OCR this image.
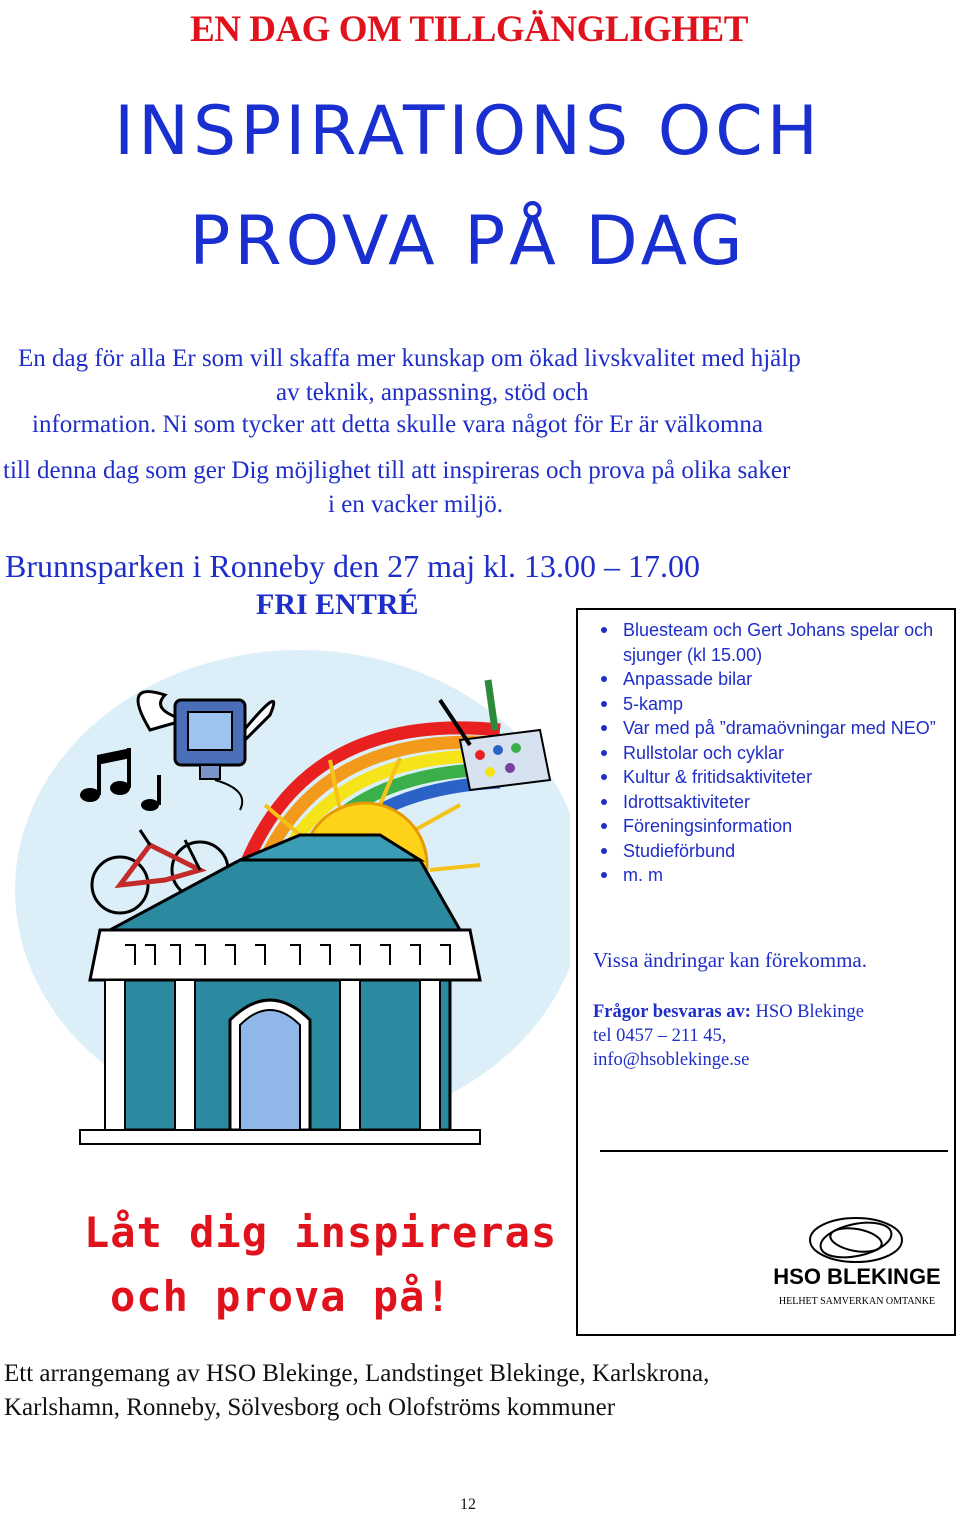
EN DAG OM TILLGÄNGLIGHET
INSPIRATIONS OCH
PROVA PÅ DAG
En dag för alla Er som vill skaffa mer kunskap om ökad livskvalitet med hjälp
av teknik, anpassning, stöd och
information. Ni som tycker att detta skulle vara något för Er är välkomna
till denna dag som ger Dig möjlighet till att inspireras och prova på olika saker
i en vacker miljö.
Brunnsparken i Ronneby den 27 maj kl. 13.00 – 17.00
FRI ENTRÉ
Bluesteam och Gert Johans spelar och sjunger (kl 15.00)
Anpassade bilar
5-kamp
Var med på ”dramaövningar med NEO”
Rullstolar och cyklar
Kultur & fritidsaktiviteter
Idrottsaktiviteter
Föreningsinformation
Studieförbund
m. m
Vissa ändringar kan förekomma.
Frågor besvaras av: HSO Blekinge
tel 0457 – 211 45,
info@hsoblekinge.se
HSO BLEKINGE
HELHET SAMVERKAN OMTANKE
Låt dig inspireras
och prova på!
Ett arrangemang av HSO Blekinge, Landstinget Blekinge, Karlskrona,
Karlshamn, Ronneby, Sölvesborg och Olofströms kommuner
12
